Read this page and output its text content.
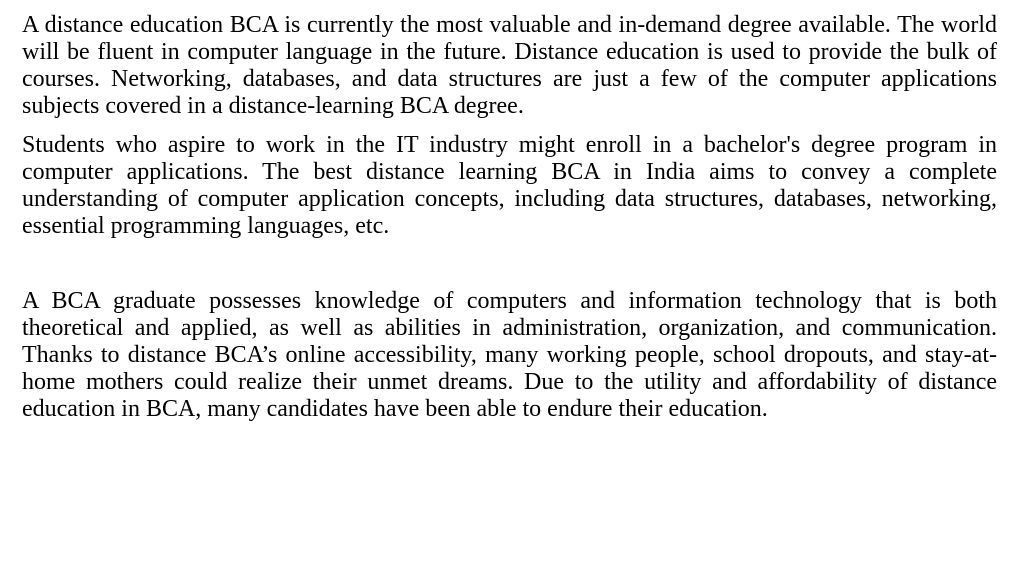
A distance education BCA is currently the most valuable and in-demand degree available. The world will be fluent in computer language in the future. Distance education is used to provide the bulk of courses. Networking, databases, and data structures are just a few of the computer applications subjects covered in a distance-learning BCA degree.

Students who aspire to work in the IT industry might enroll in a bachelor's degree program in computer applications. The best distance learning BCA in India aims to convey a complete understanding of computer application concepts, including data structures, databases, networking, essential programming languages, etc.

A BCA graduate possesses knowledge of computers and information technology that is both theoretical and applied, as well as abilities in administration, organization, and communication. Thanks to distance BCA’s online accessibility, many working people, school dropouts, and stay-at-home mothers could realize their unmet dreams. Due to the utility and affordability of distance education in BCA, many candidates have been able to endure their education.
